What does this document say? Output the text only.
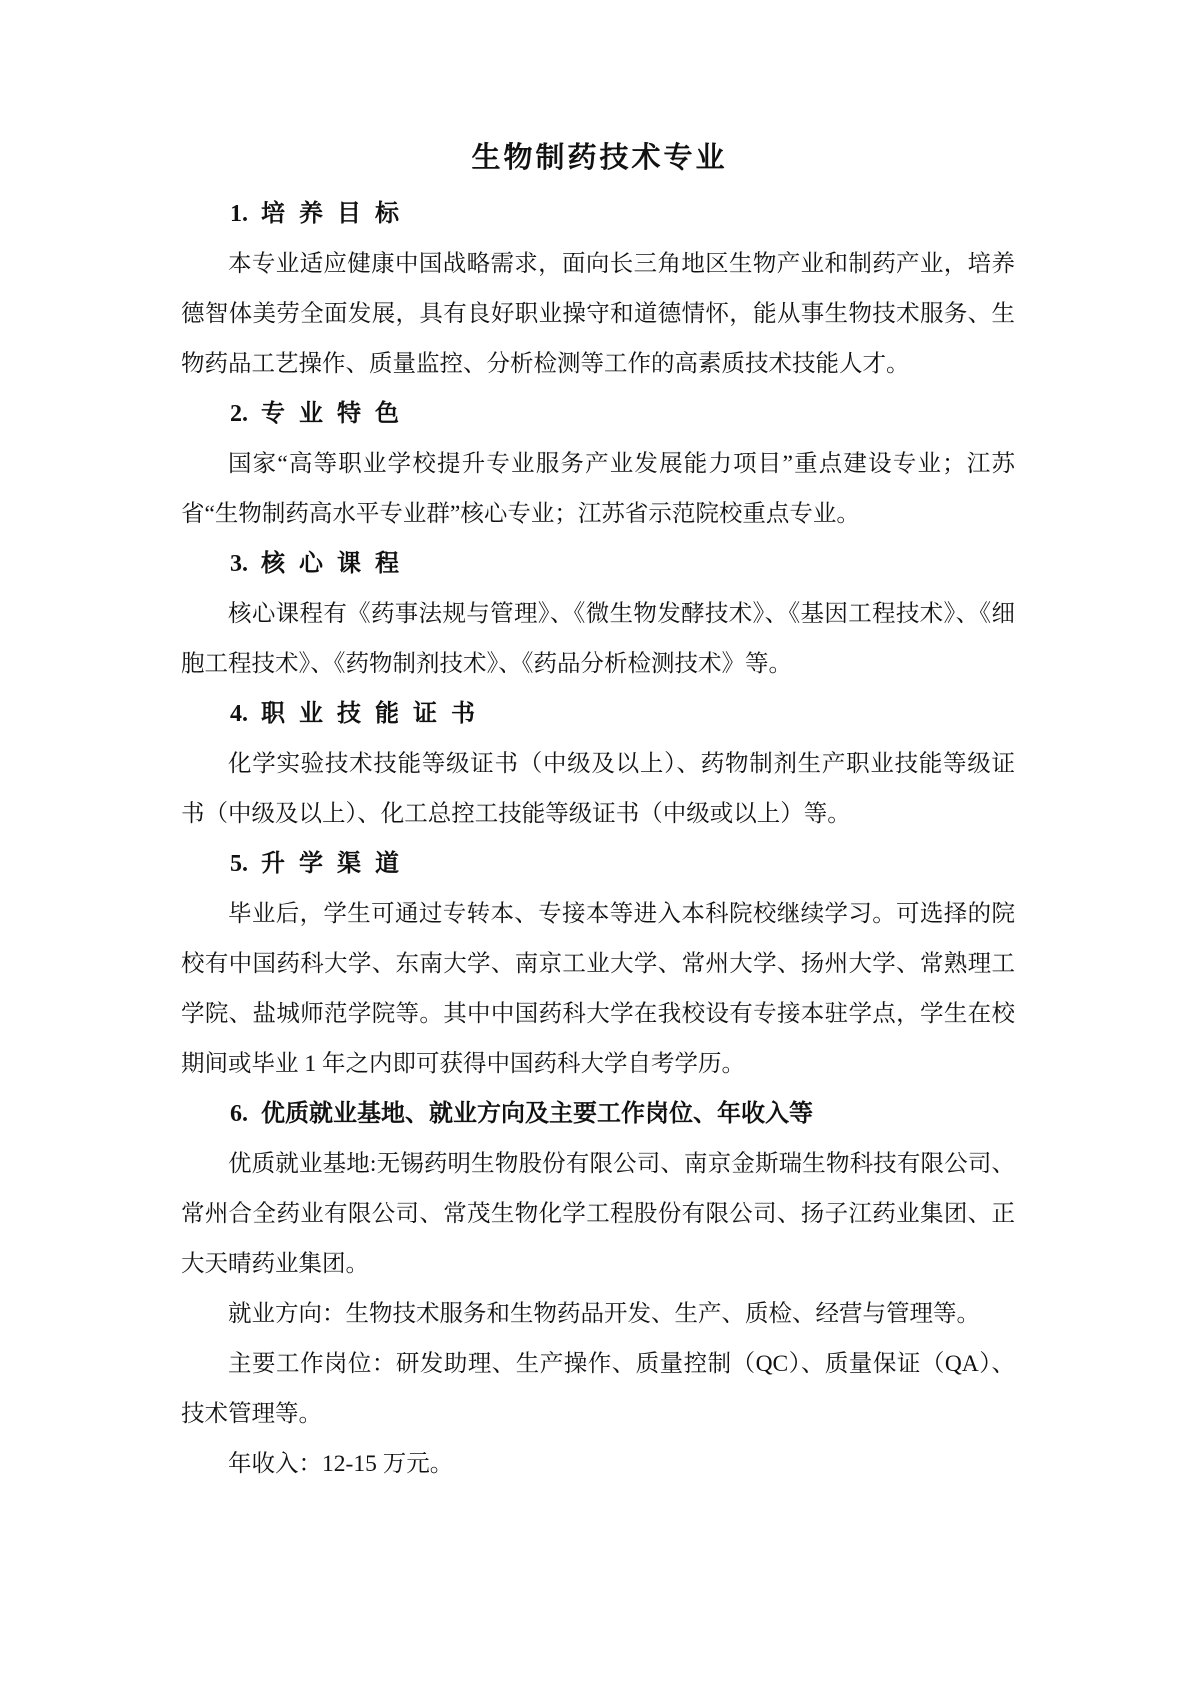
生物制药技术专业
1. 培养目标

本专业适应健康中国战略需求，面向长三角地区生物产业和制药产业，培养德智体美劳全面发展，具有良好职业操守和道德情怀，能从事生物技术服务、生物药品工艺操作、质量监控、分析检测等工作的高素质技术技能人才。

2. 专业特色

国家“高等职业学校提升专业服务产业发展能力项目”重点建设专业；江苏省“生物制药高水平专业群”核心专业；江苏省示范院校重点专业。

3. 核心课程

核心课程有《药事法规与管理》、《微生物发酵技术》、《基因工程技术》、《细胞工程技术》、《药物制剂技术》、《药品分析检测技术》等。

4. 职业技能证书

化学实验技术技能等级证书（中级及以上）、药物制剂生产职业技能等级证书（中级及以上）、化工总控工技能等级证书（中级或以上）等。

5. 升学渠道

毕业后，学生可通过专转本、专接本等进入本科院校继续学习。可选择的院校有中国药科大学、东南大学、南京工业大学、常州大学、扬州大学、常熟理工学院、盐城师范学院等。其中中国药科大学在我校设有专接本驻学点，学生在校期间或毕业 1 年之内即可获得中国药科大学自考学历。

6. 优质就业基地、就业方向及主要工作岗位、年收入等

优质就业基地:无锡药明生物股份有限公司、南京金斯瑞生物科技有限公司、常州合全药业有限公司、常茂生物化学工程股份有限公司、扬子江药业集团、正大天晴药业集团。

就业方向：生物技术服务和生物药品开发、生产、质检、经营与管理等。

主要工作岗位：研发助理、生产操作、质量控制（QC）、质量保证（QA）、技术管理等。

年收入：12-15 万元。
